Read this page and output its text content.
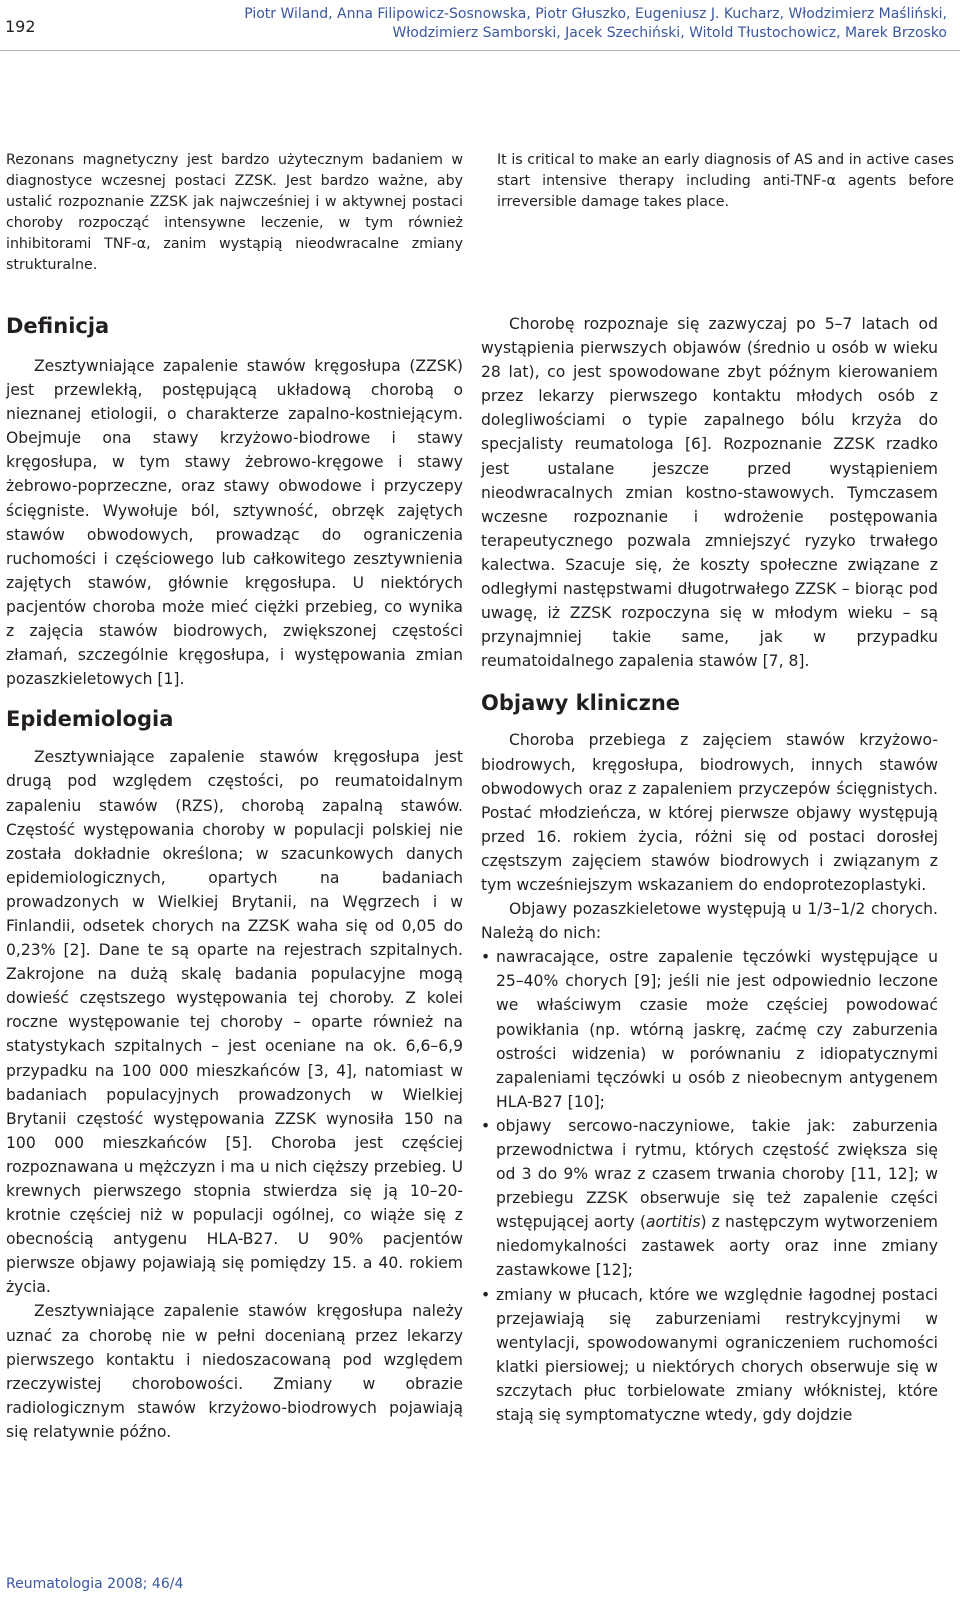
192
Piotr Wiland, Anna Filipowicz-Sosnowska, Piotr Głuszko, Eugeniusz J. Kucharz, Włodzimierz Maśliński,
Włodzimierz Samborski, Jacek Szechiński, Witold Tłustochowicz, Marek Brzosko
Rezonans magnetyczny jest bardzo użytecznym badaniem w diagnostyce wczesnej postaci ZZSK. Jest bardzo ważne, aby ustalić rozpoznanie ZZSK jak najwcześniej i w aktywnej postaci choroby rozpocząć intensywne leczenie, w tym również inhibitorami TNF-α, zanim wystąpią nieodwracalne zmiany strukturalne.
It is critical to make an early diagnosis of AS and in active cases start intensive therapy including anti-TNF-α agents before irreversible damage takes place.
Definicja

Zesztywniające zapalenie stawów kręgosłupa (ZZSK) jest przewlekłą, postępującą układową chorobą o nieznanej etiologii, o charakterze zapalno-kostniejącym. Obejmuje ona stawy krzyżowo-biodrowe i stawy kręgosłupa, w tym stawy żebrowo-kręgowe i stawy żebrowo-poprzeczne, oraz stawy obwodowe i przyczepy ścięgniste. Wywołuje ból, sztywność, obrzęk zajętych stawów obwodowych, prowadząc do ograniczenia ruchomości i częściowego lub całkowitego zesztywnienia zajętych stawów, głównie kręgosłupa. U niektórych pacjentów choroba może mieć ciężki przebieg, co wynika z zajęcia stawów biodrowych, zwiększonej częstości złamań, szczególnie kręgosłupa, i występowania zmian pozaszkieletowych [1].

Epidemiologia

Zesztywniające zapalenie stawów kręgosłupa jest drugą pod względem częstości, po reumatoidalnym zapaleniu stawów (RZS), chorobą zapalną stawów. Częstość występowania choroby w populacji polskiej nie została dokładnie określona; w szacunkowych danych epidemiologicznych, opartych na badaniach prowadzonych w Wielkiej Brytanii, na Węgrzech i w Finlandii, odsetek chorych na ZZSK waha się od 0,05 do 0,23% [2]. Dane te są oparte na rejestrach szpitalnych. Zakrojone na dużą skalę badania populacyjne mogą dowieść częstszego występowania tej choroby. Z kolei roczne występowanie tej choroby – oparte również na statystykach szpitalnych – jest oceniane na ok. 6,6–6,9 przypadku na 100 000 mieszkańców [3, 4], natomiast w badaniach populacyjnych prowadzonych w Wielkiej Brytanii częstość występowania ZZSK wynosiła 150 na 100 000 mieszkańców [5]. Choroba jest częściej rozpoznawana u mężczyzn i ma u nich cięższy przebieg. U krewnych pierwszego stopnia stwierdza się ją 10–20-krotnie częściej niż w populacji ogólnej, co wiąże się z obecnością antygenu HLA-B27. U 90% pacjentów pierwsze objawy pojawiają się pomiędzy 15. a 40. rokiem życia.

Zesztywniające zapalenie stawów kręgosłupa należy uznać za chorobę nie w pełni docenianą przez lekarzy pierwszego kontaktu i niedoszacowaną pod względem rzeczywistej chorobowości. Zmiany w obrazie radiologicznym stawów krzyżowo-biodrowych pojawiają się relatywnie późno.

Chorobę rozpoznaje się zazwyczaj po 5–7 latach od wystąpienia pierwszych objawów (średnio u osób w wieku 28 lat), co jest spowodowane zbyt późnym kierowaniem przez lekarzy pierwszego kontaktu młodych osób z dolegliwościami o typie zapalnego bólu krzyża do specjalisty reumatologa [6]. Rozpoznanie ZZSK rzadko jest ustalane jeszcze przed wystąpieniem nieodwracalnych zmian kostno-stawowych. Tymczasem wczesne rozpoznanie i wdrożenie postępowania terapeutycznego pozwala zmniejszyć ryzyko trwałego kalectwa. Szacuje się, że koszty społeczne związane z odległymi następstwami długotrwałego ZZSK – biorąc pod uwagę, iż ZZSK rozpoczyna się w młodym wieku – są przynajmniej takie same, jak w przypadku reumatoidalnego zapalenia stawów [7, 8].

Objawy kliniczne

Choroba przebiega z zajęciem stawów krzyżowo-biodrowych, kręgosłupa, biodrowych, innych stawów obwodowych oraz z zapaleniem przyczepów ścięgnistych. Postać młodzieńcza, w której pierwsze objawy występują przed 16. rokiem życia, różni się od postaci dorosłej częstszym zajęciem stawów biodrowych i związanym z tym wcześniejszym wskazaniem do endoprotezoplastyki.

Objawy pozaszkieletowe występują u 1/3–1/2 chorych. Należą do nich:

• nawracające, ostre zapalenie tęczówki występujące u 25–40% chorych [9]; jeśli nie jest odpowiednio leczone we właściwym czasie może częściej powodować powikłania (np. wtórną jaskrę, zaćmę czy zaburzenia ostrości widzenia) w porównaniu z idiopatycznymi zapaleniami tęczówki u osób z nieobecnym antygenem HLA-B27 [10];
• objawy sercowo-naczyniowe, takie jak: zaburzenia przewodnictwa i rytmu, których częstość zwiększa się od 3 do 9% wraz z czasem trwania choroby [11, 12]; w przebiegu ZZSK obserwuje się też zapalenie części wstępującej aorty (aortitis) z następczym wytworzeniem niedomykalności zastawek aorty oraz inne zmiany zastawkowe [12];
• zmiany w płucach, które we względnie łagodnej postaci przejawiają się zaburzeniami restrykcyjnymi w wentylacji, spowodowanymi ograniczeniem ruchomości klatki piersiowej; u niektórych chorych obserwuje się w szczytach płuc torbielowate zmiany włóknistej, które stają się symptomatyczne wtedy, gdy dojdzie
Reumatologia 2008; 46/4
